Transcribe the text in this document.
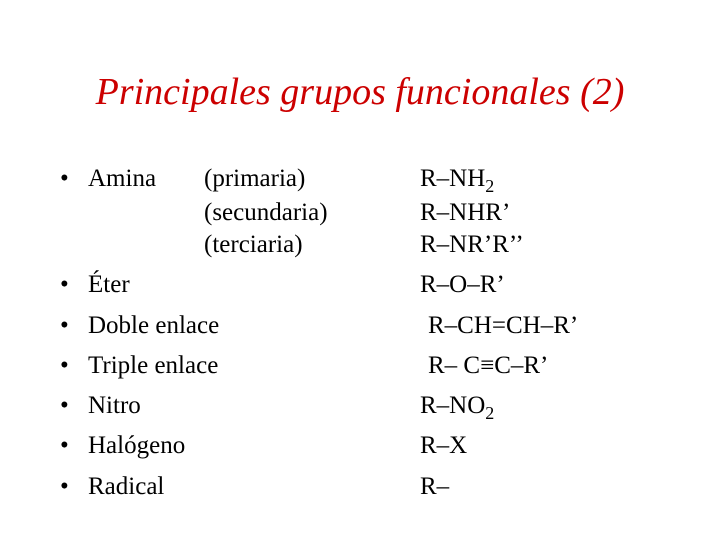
Principales grupos funcionales (2)
• Amina (primaria)	$R-NH_2$
(secundaria)	R–NHR’
(terciaria)	R–NR’R’’
• Éter	R–O–R’
• Doble enlace	R–CH=CH–R’
• Triple enlace	R– C≡C–R’
• Nitro	$R-NO_2$
• Halógeno	R–X
• Radical	R–
